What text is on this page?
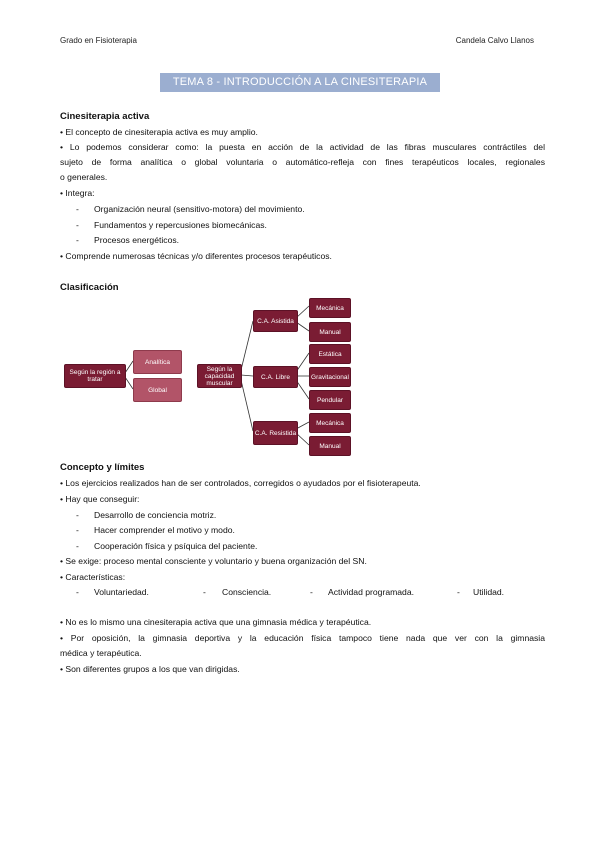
Grado en Fisioterapia	Candela Calvo Llanos
TEMA 8 - INTRODUCCIÓN A LA CINESITERAPIA ACTIVA
Cinesiterapia activa
• El concepto de cinesiterapia activa es muy amplio.
• Lo podemos considerar como: la puesta en acción de la actividad de las fibras musculares contráctiles del
sujeto de forma analítica o global voluntaria o automático-refleja con fines terapéuticos locales, regionales
o generales.
• Integra:
- Organización neural (sensitivo-motora) del movimiento.
- Fundamentos y repercusiones biomecánicas.
- Procesos energéticos.
• Comprende numerosas técnicas y/o diferentes procesos terapéuticos.
Clasificación
Según la región a tratar
Analítica
Global
Según la capacidad muscular
C.A. Asistida
C.A. Libre
C.A. Resistida
Mecánica
Manual
Estática
Gravitacional
Pendular
Mecánica
Manual
Concepto y límites
• Los ejercicios realizados han de ser controlados, corregidos o ayudados por el fisioterapeuta.
• Hay que conseguir:
- Desarrollo de conciencia motriz.
- Hacer comprender el motivo y modo.
- Cooperación física y psíquica del paciente.
• Se exige: proceso mental consciente y voluntario y buena organización del SN.
• Características:
- Voluntariedad.	- Consciencia.	- Actividad programada.	- Utilidad.
• No es lo mismo una cinesiterapia activa que una gimnasia médica y terapéutica.
• Por oposición, la gimnasia deportiva y la educación física tampoco tiene nada que ver con la gimnasia
médica y terapéutica.
• Son diferentes grupos a los que van dirigidas.
